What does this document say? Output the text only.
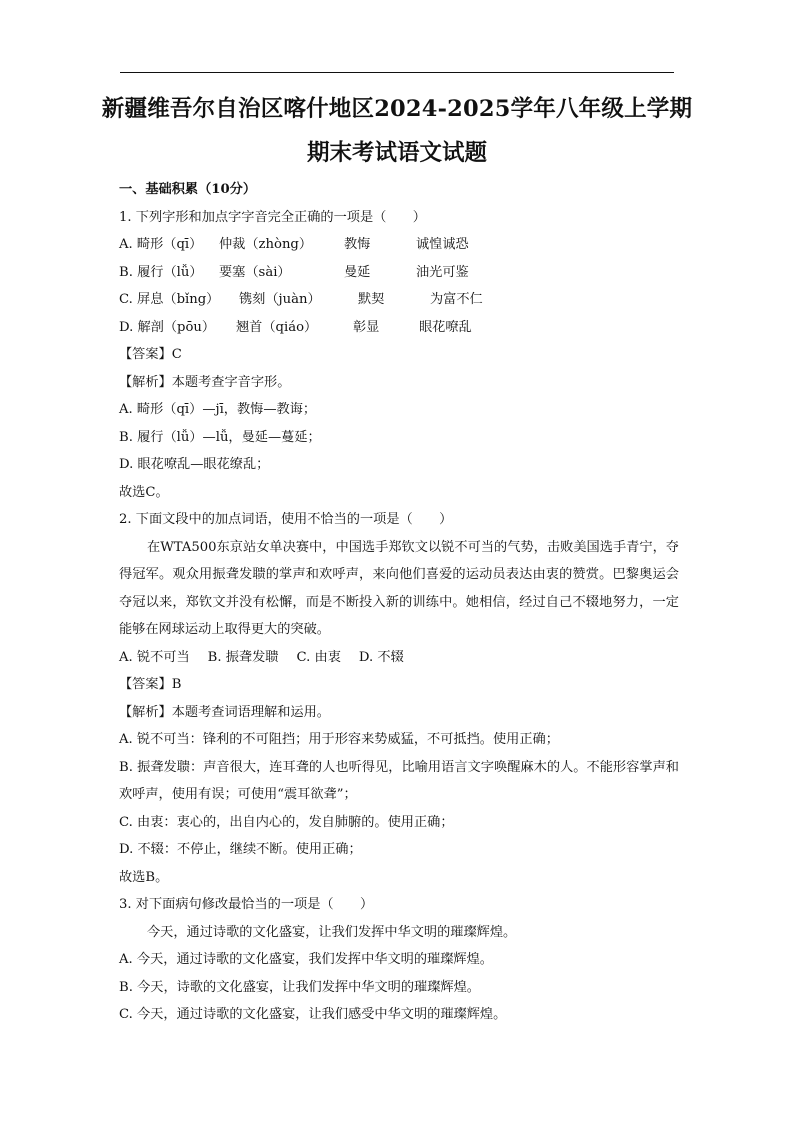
新疆维吾尔自治区喀什地区2024-2025学年八年级上学期
期末考试语文试题
一、基础积累（10分）
1. 下列字形和加点字字音完全正确的一项是（　　）
A. 畸形（qī） 仲裁（zhòng） 教悔	诚惶诚恐
B. 履行（lǚ） 要塞（sài）	曼延	油光可鉴
C. 屏息（bǐng） 镌刻（juàn）	默契	为富不仁
D. 解剖（pōu） 翘首（qiáo）	彰显	眼花嘹乱
【答案】C
【解析】本题考查字音字形。
A. 畸形（qī）—jī，教悔—教诲；
B. 履行（lǚ）—lǚ，曼延—蔓延；
D. 眼花嘹乱—眼花缭乱；
故选C。
2. 下面文段中的加点词语，使用不恰当的一项是（　　）
在WTA500东京站女单决赛中，中国选手郑钦文以锐不可当的气势，击败美国选手青宁，夺得冠军。观众用振聋发聩的掌声和欢呼声，来向他们喜爱的运动员表达由衷的赞赏。巴黎奥运会夺冠以来，郑钦文并没有松懈，而是不断投入新的训练中。她相信，经过自己不辍地努力，一定能够在网球运动上取得更大的突破。
A. 锐不可当 B. 振聋发聩 C. 由衷 D. 不辍
【答案】B
【解析】本题考查词语理解和运用。
A. 锐不可当：锋利的不可阻挡；用于形容来势威猛，不可抵挡。使用正确；
B. 振聋发聩：声音很大，连耳聋的人也听得见，比喻用语言文字唤醒麻木的人。不能形容掌声和欢呼声，使用有误；可使用“震耳欲聋”；
C. 由衷：衷心的，出自内心的，发自肺腑的。使用正确；
D. 不辍：不停止，继续不断。使用正确；
故选B。
3. 对下面病句修改最恰当的一项是（　　）
今天，通过诗歌的文化盛宴，让我们发挥中华文明的璀璨辉煌。
A. 今天，通过诗歌的文化盛宴，我们发挥中华文明的璀璨辉煌。
B. 今天，诗歌的文化盛宴，让我们发挥中华文明的璀璨辉煌。
C. 今天，通过诗歌的文化盛宴，让我们感受中华文明的璀璨辉煌。
